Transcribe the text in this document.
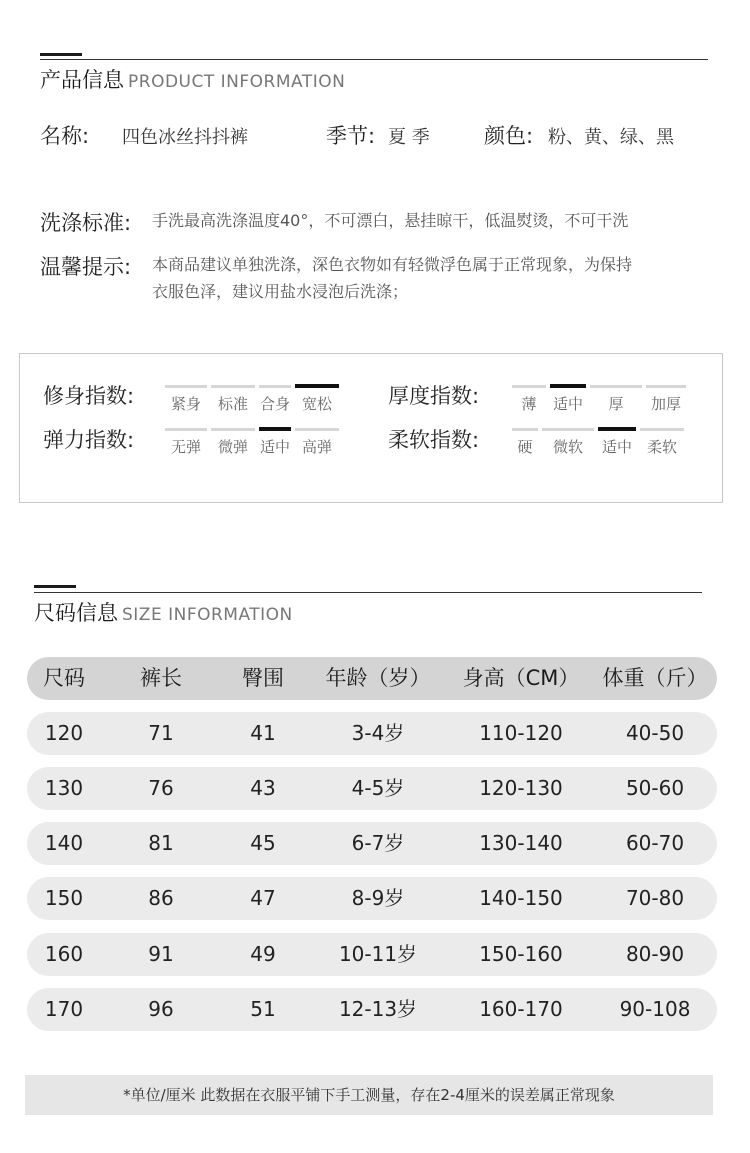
产品信息 PRODUCT INFORMATION
名称: 四色冰丝抖抖裤	季节: 夏 季	颜色: 粉、黄、绿、黑
洗涤标准: 手洗最高洗涤温度40°，不可漂白，悬挂晾干，低温熨烫，不可干洗
温馨提示: 本商品建议单独洗涤，深色衣物如有轻微浮色属于正常现象，为保持
衣服色泽，建议用盐水浸泡后洗涤；
修身指数:	紧身	标准 合身 宽松
弹力指数:	无弹	微弹 适中 高弹
厚度指数:	薄	适中	厚	加厚
柔软指数:	硬	微软	适中 柔软
尺码信息 SIZE INFORMATION
尺码	裤长	臀围	年龄（岁）	身高（CM）	体重（斤）
120	71	41	3-4岁	110-120	40-50
130	76	43	4-5岁	120-130	50-60
140	81	45	6-7岁	130-140	60-70
150	86	47	8-9岁	140-150	70-80
160	91	49	10-11岁	150-160	80-90
170	96	51	12-13岁	160-170	90-108
*单位/厘米 此数据在衣服平铺下手工测量，存在2-4厘米的误差属正常现象
